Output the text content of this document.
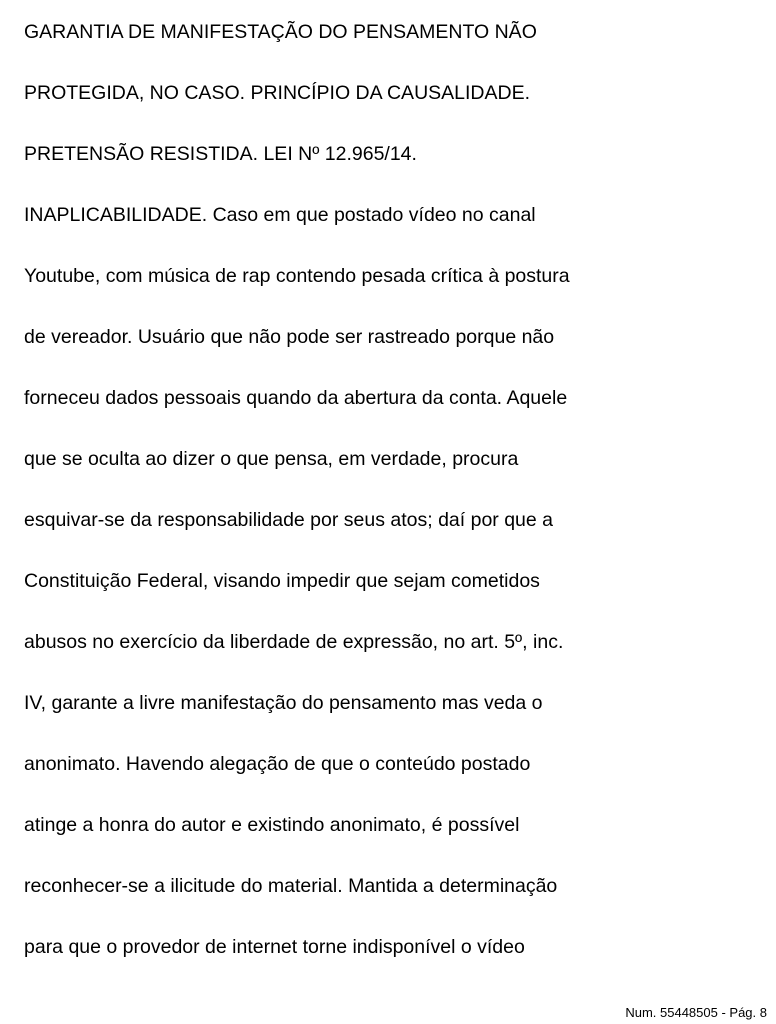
GARANTIA DE MANIFESTAÇÃO DO PENSAMENTO NÃO
PROTEGIDA, NO CASO. PRINCÍPIO DA CAUSALIDADE.
PRETENSÃO RESISTIDA. LEI Nº 12.965/14.
INAPLICABILIDADE. Caso em que postado vídeo no canal
Youtube, com música de rap contendo pesada crítica à postura
de vereador. Usuário que não pode ser rastreado porque não
forneceu dados pessoais quando da abertura da conta. Aquele
que se oculta ao dizer o que pensa, em verdade, procura
esquivar-se da responsabilidade por seus atos; daí por que a
Constituição Federal, visando impedir que sejam cometidos
abusos no exercício da liberdade de expressão, no art. 5º, inc.
IV, garante a livre manifestação do pensamento mas veda o
anonimato. Havendo alegação de que o conteúdo postado
atinge a honra do autor e existindo anonimato, é possível
reconhecer-se a ilicitude do material. Mantida a determinação
para que o provedor de internet torne indisponível o vídeo
Num. 55448505 - Pág. 8
